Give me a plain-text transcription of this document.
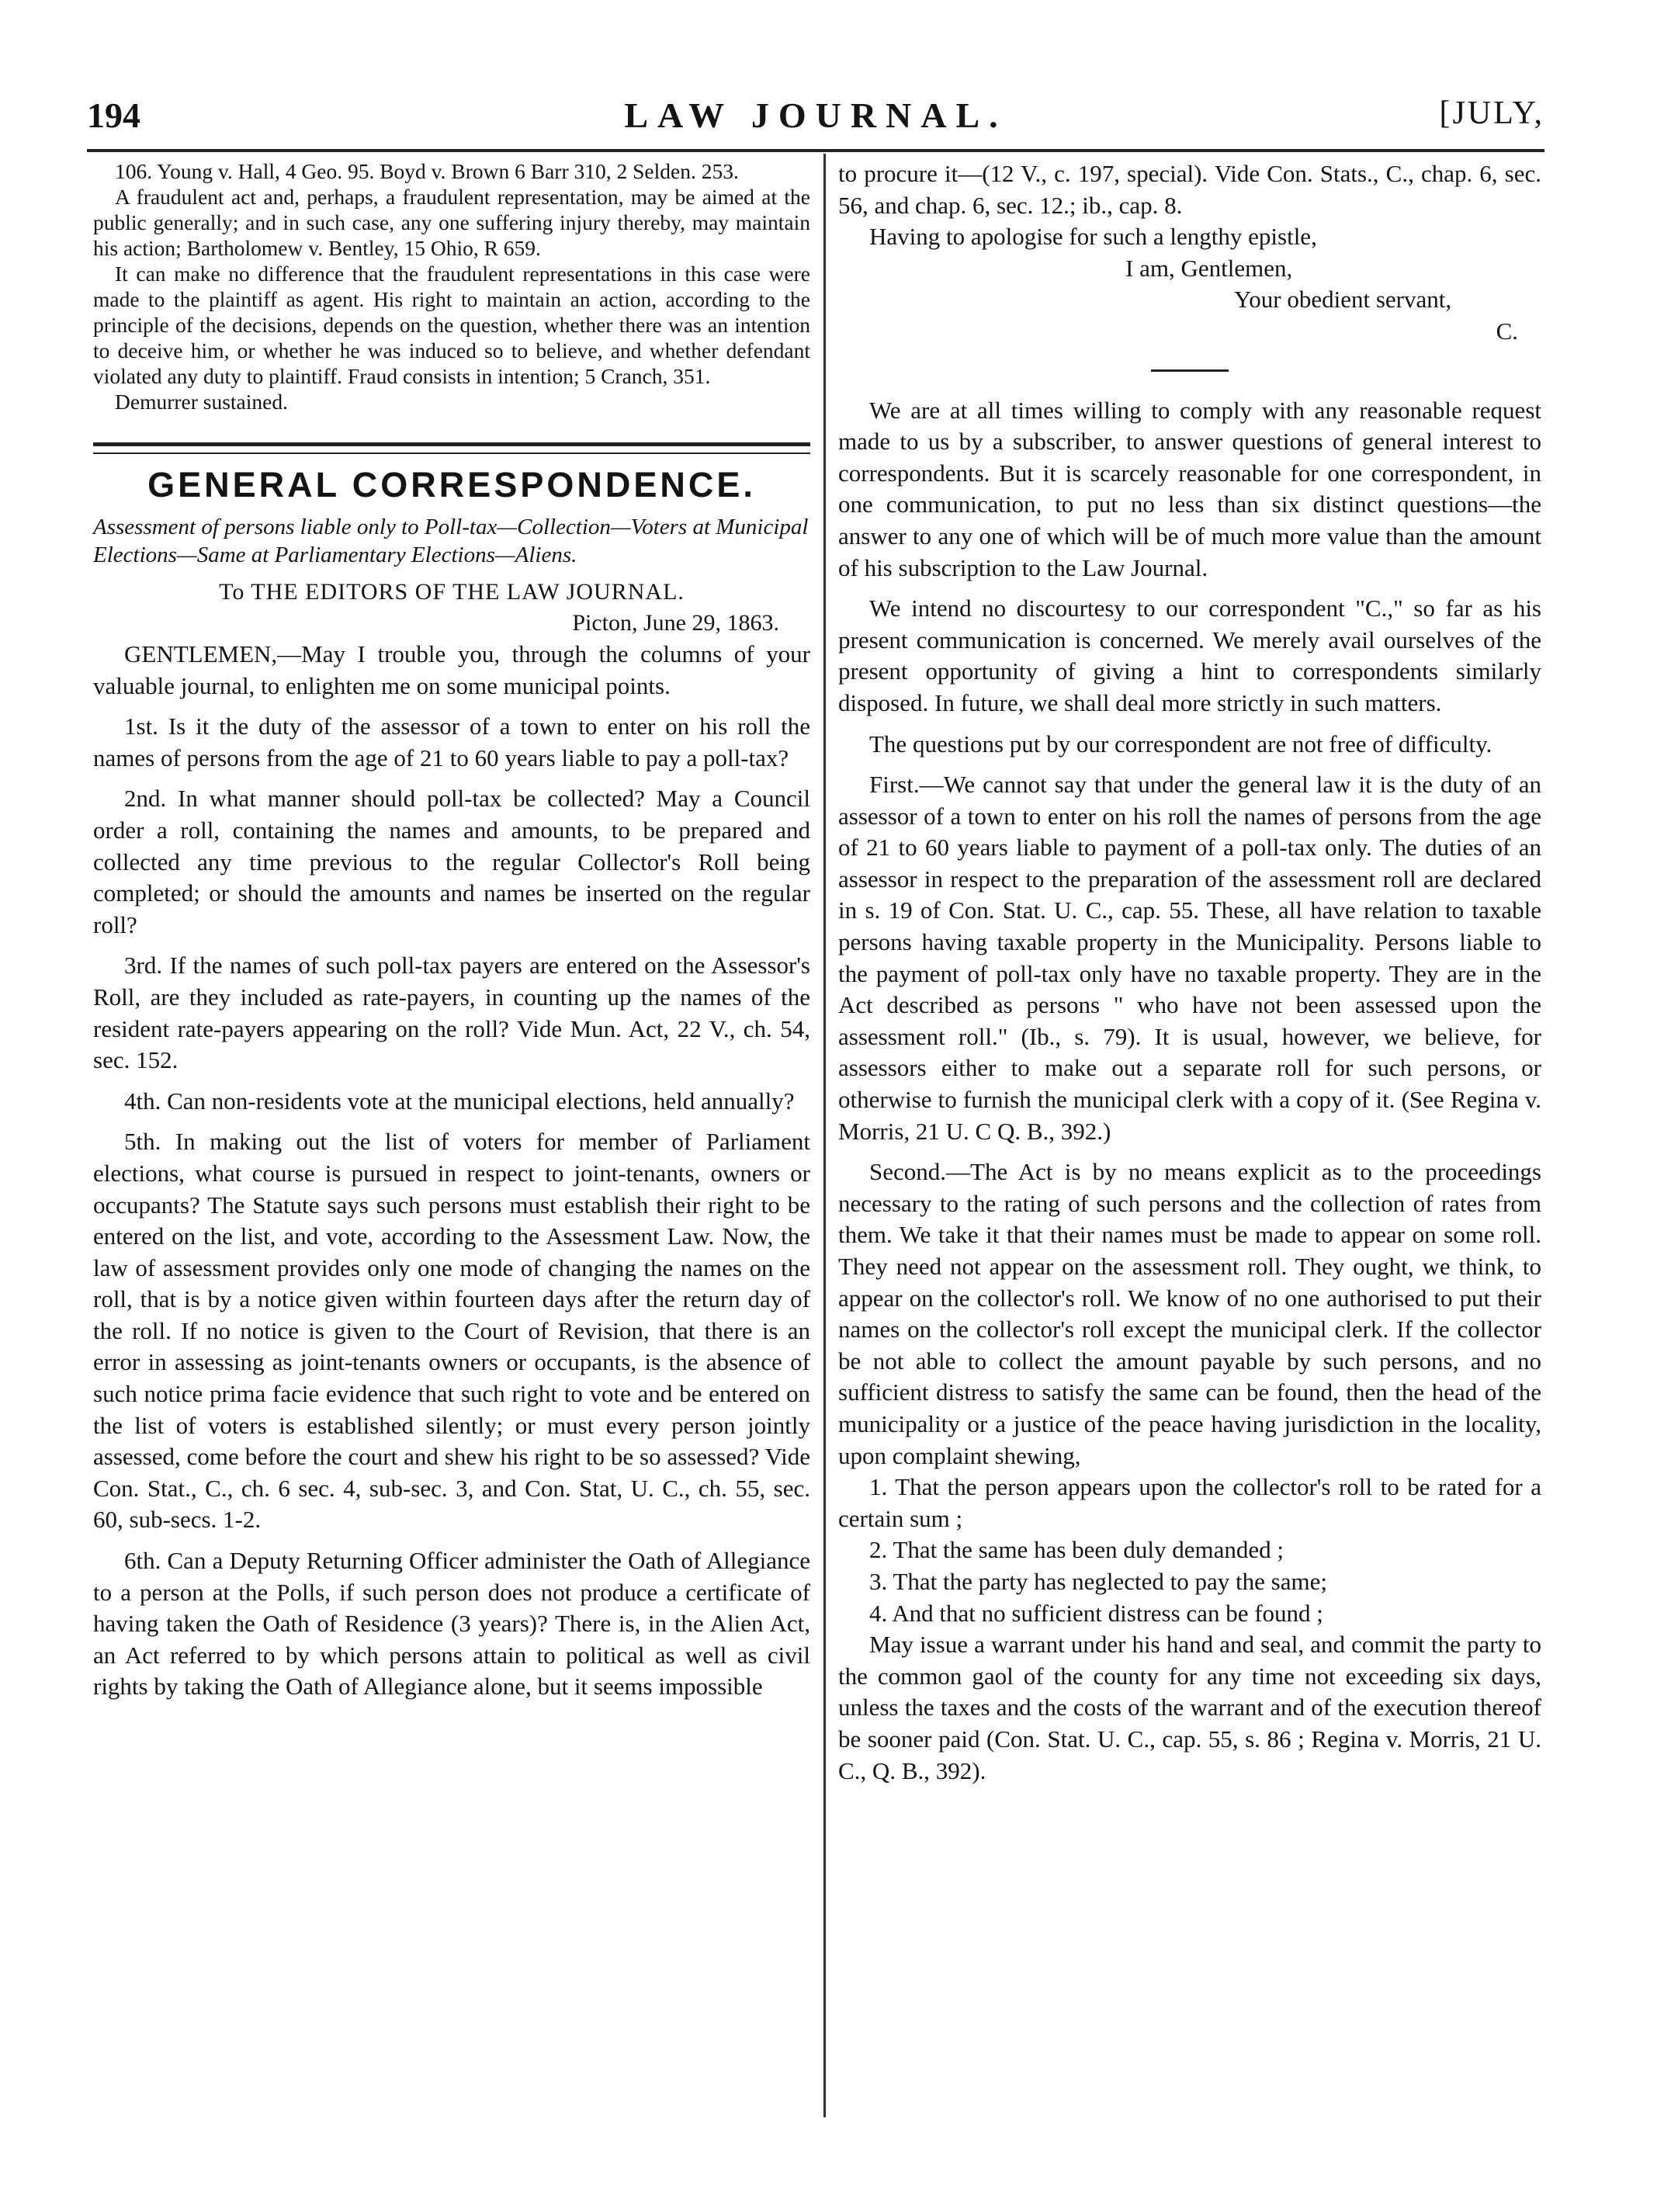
194	LAW JOURNAL.	[JULY,

106. Young v. Hall, 4 Geo. 95. Boyd v. Brown 6 Barr 310, 2 Selden. 253.

A fraudulent act and, perhaps, a fraudulent representation, may be aimed at the public generally; and in such case, any one suffering injury thereby, may maintain his action; Bartholomew v. Bentley, 15 Ohio, R 659.

It can make no difference that the fraudulent representations in this case were made to the plaintiff as agent. His right to maintain an action, according to the principle of the decisions, depends on the question, whether there was an intention to deceive him, or whether he was induced so to believe, and whether defendant violated any duty to plaintiff. Fraud consists in intention; 5 Cranch, 351.

Demurrer sustained.

GENERAL CORRESPONDENCE.

Assessment of persons liable only to Poll-tax—Collection—Voters at Municipal Elections—Same at Parliamentary Elections—Aliens.

To THE EDITORS OF THE LAW JOURNAL.

Picton, June 29, 1863.

GENTLEMEN,—May I trouble you, through the columns of your valuable journal, to enlighten me on some municipal points.

1st. Is it the duty of the assessor of a town to enter on his roll the names of persons from the age of 21 to 60 years liable to pay a poll-tax?

2nd. In what manner should poll-tax be collected? May a Council order a roll, containing the names and amounts, to be prepared and collected any time previous to the regular Collector's Roll being completed; or should the amounts and names be inserted on the regular roll?

3rd. If the names of such poll-tax payers are entered on the Assessor's Roll, are they included as rate-payers, in counting up the names of the resident rate-payers appearing on the roll? Vide Mun. Act, 22 V., ch. 54, sec. 152.

4th. Can non-residents vote at the municipal elections, held annually?

5th. In making out the list of voters for member of Parliament elections, what course is pursued in respect to joint-tenants, owners or occupants? The Statute says such persons must establish their right to be entered on the list, and vote, according to the Assessment Law. Now, the law of assessment provides only one mode of changing the names on the roll, that is by a notice given within fourteen days after the return day of the roll. If no notice is given to the Court of Revision, that there is an error in assessing as joint-tenants owners or occupants, is the absence of such notice prima facie evidence that such right to vote and be entered on the list of voters is established silently; or must every person jointly assessed, come before the court and shew his right to be so assessed? Vide Con. Stat., C., ch. 6 sec. 4, sub-sec. 3, and Con. Stat, U. C., ch. 55, sec. 60, sub-secs. 1-2.

6th. Can a Deputy Returning Officer administer the Oath of Allegiance to a person at the Polls, if such person does not produce a certificate of having taken the Oath of Residence (3 years)? There is, in the Alien Act, an Act referred to by which persons attain to political as well as civil rights by taking the Oath of Allegiance alone, but it seems impossible

to procure it—(12 V., c. 197, special). Vide Con. Stats., C., chap. 6, sec. 56, and chap. 6, sec. 12.; ib., cap. 8.

Having to apologise for such a lengthy epistle,
I am, Gentlemen,
Your obedient servant,
C.

We are at all times willing to comply with any reasonable request made to us by a subscriber, to answer questions of general interest to correspondents. But it is scarcely reasonable for one correspondent, in one communication, to put no less than six distinct questions—the answer to any one of which will be of much more value than the amount of his subscription to the Law Journal.

We intend no discourtesy to our correspondent "C.," so far as his present communication is concerned. We merely avail ourselves of the present opportunity of giving a hint to correspondents similarly disposed. In future, we shall deal more strictly in such matters.

The questions put by our correspondent are not free of difficulty.

First.—We cannot say that under the general law it is the duty of an assessor of a town to enter on his roll the names of persons from the age of 21 to 60 years liable to payment of a poll-tax only. The duties of an assessor in respect to the preparation of the assessment roll are declared in s. 19 of Con. Stat. U. C., cap. 55. These, all have relation to taxable persons having taxable property in the Municipality. Persons liable to the payment of poll-tax only have no taxable property. They are in the Act described as persons " who have not been assessed upon the assessment roll." (Ib., s. 79). It is usual, however, we believe, for assessors either to make out a separate roll for such persons, or otherwise to furnish the municipal clerk with a copy of it. (See Regina v. Morris, 21 U. C Q. B., 392.)

Second.—The Act is by no means explicit as to the proceedings necessary to the rating of such persons and the collection of rates from them. We take it that their names must be made to appear on some roll. They need not appear on the assessment roll. They ought, we think, to appear on the collector's roll. We know of no one authorised to put their names on the collector's roll except the municipal clerk. If the collector be not able to collect the amount payable by such persons, and no sufficient distress to satisfy the same can be found, then the head of the municipality or a justice of the peace having jurisdiction in the locality, upon complaint shewing,

1. That the person appears upon the collector's roll to be rated for a certain sum ;

2. That the same has been duly demanded ;

3. That the party has neglected to pay the same;

4. And that no sufficient distress can be found ;

May issue a warrant under his hand and seal, and commit the party to the common gaol of the county for any time not exceeding six days, unless the taxes and the costs of the warrant and of the execution thereof be sooner paid (Con. Stat. U. C., cap. 55, s. 86 ; Regina v. Morris, 21 U. C., Q. B., 392).
